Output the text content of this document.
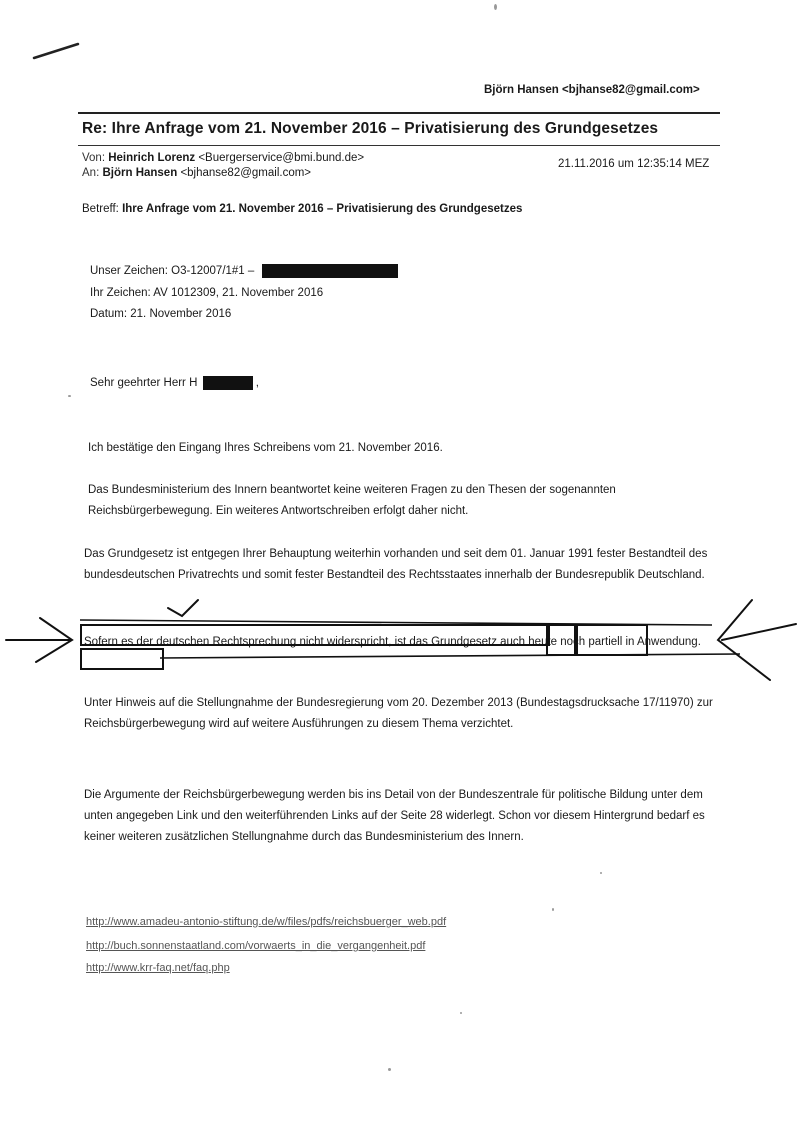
Björn Hansen <bjhanse82@gmail.com>
Re: Ihre Anfrage vom 21. November 2016 – Privatisierung des Grundgesetzes
Von: Heinrich Lorenz <Buergerservice@bmi.bund.de>
An: Björn Hansen <bjhanse82@gmail.com>
21.11.2016 um 12:35:14 MEZ
Betreff: Ihre Anfrage vom 21. November 2016 – Privatisierung des Grundgesetzes
Unser Zeichen: O3-12007/1#1 –
Ihr Zeichen: AV 1012309, 21. November 2016
Datum: 21. November 2016
Sehr geehrter Herr H	,
Ich bestätige den Eingang Ihres Schreibens vom 21. November 2016.
Das Bundesministerium des Innern beantwortet keine weiteren Fragen zu den Thesen der sogenannten Reichsbürgerbewegung. Ein weiteres Antwortschreiben erfolgt daher nicht.
Das Grundgesetz ist entgegen Ihrer Behauptung weiterhin vorhanden und seit dem 01. Januar 1991 fester Bestandteil des bundesdeutschen Privatrechts und somit fester Bestandteil des Rechtsstaates innerhalb der Bundesrepublik Deutschland.
Sofern es der deutschen Rechtsprechung nicht widerspricht, ist das Grundgesetz auch heute noch partiell in Anwendung.
Unter Hinweis auf die Stellungnahme der Bundesregierung vom 20. Dezember 2013 (Bundestagsdrucksache 17/11970) zur Reichsbürgerbewegung wird auf weitere Ausführungen zu diesem Thema verzichtet.
Die Argumente der Reichsbürgerbewegung werden bis ins Detail von der Bundeszentrale für politische Bildung unter dem unten angegeben Link und den weiterführenden Links auf der Seite 28 widerlegt. Schon vor diesem Hintergrund bedarf es keiner weiteren zusätzlichen Stellungnahme durch das Bundesministerium des Innern.
http://www.amadeu-antonio-stiftung.de/w/files/pdfs/reichsbuerger_web.pdf
http://buch.sonnenstaatland.com/vorwaerts_in_die_vergangenheit.pdf
http://www.krr-faq.net/faq.php
